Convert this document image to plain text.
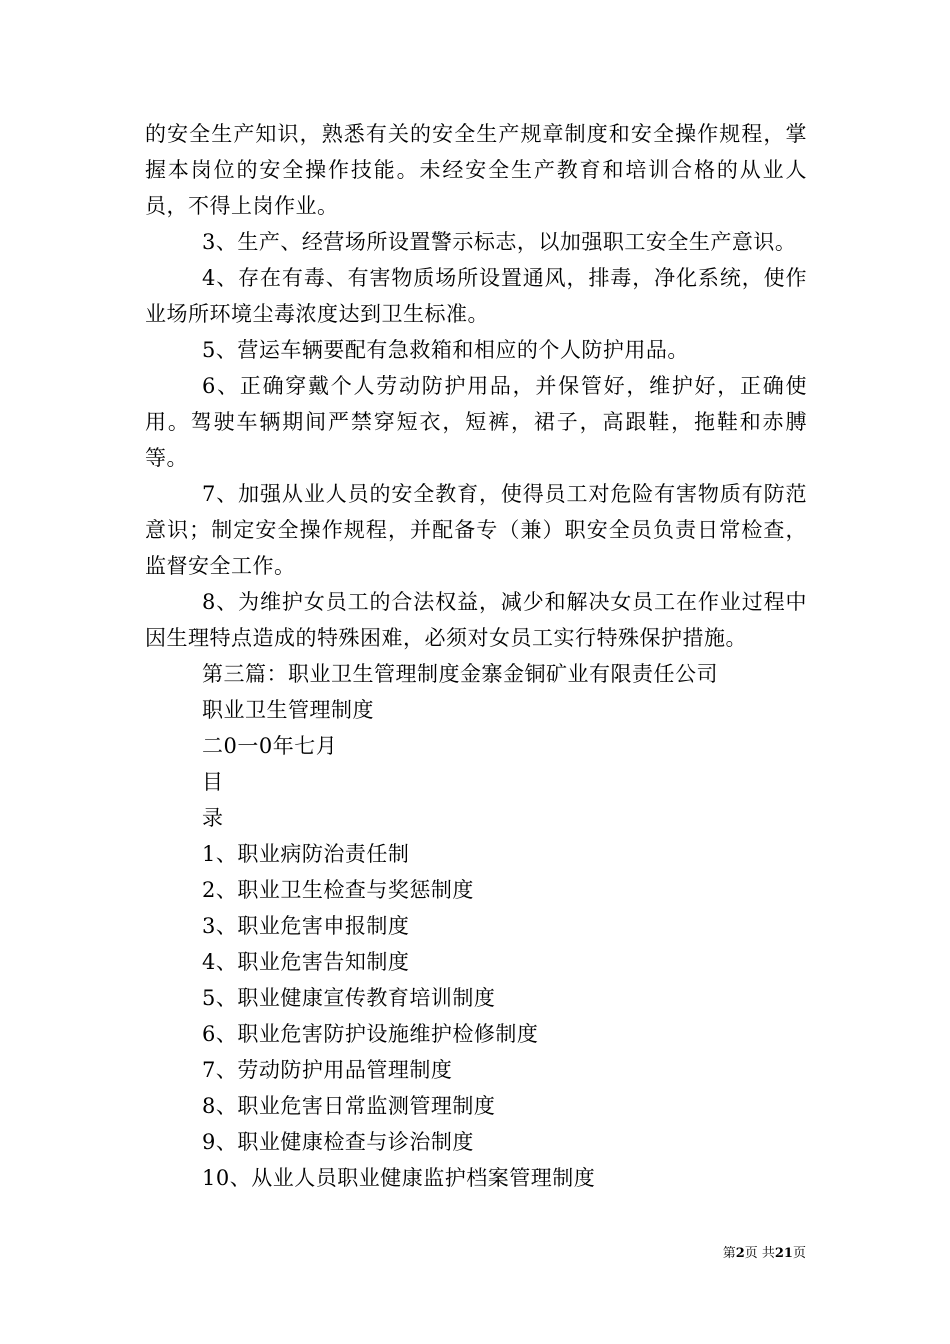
的安全生产知识，熟悉有关的安全生产规章制度和安全操作规程，掌握本岗位的安全操作技能。未经安全生产教育和培训合格的从业人员，不得上岗作业。

3、生产、经营场所设置警示标志，以加强职工安全生产意识。

4、存在有毒、有害物质场所设置通风，排毒，净化系统，使作业场所环境尘毒浓度达到卫生标准。

5、营运车辆要配有急救箱和相应的个人防护用品。

6、正确穿戴个人劳动防护用品，并保管好，维护好，正确使用。驾驶车辆期间严禁穿短衣，短裤，裙子，高跟鞋，拖鞋和赤膊等。

7、加强从业人员的安全教育，使得员工对危险有害物质有防范意识；制定安全操作规程，并配备专（兼）职安全员负责日常检查，监督安全工作。

8、为维护女员工的合法权益，减少和解决女员工在作业过程中因生理特点造成的特殊困难，必须对女员工实行特殊保护措施。

第三篇：职业卫生管理制度金寨金铜矿业有限责任公司

职业卫生管理制度

二0一0年七月

目

录

1、职业病防治责任制

2、职业卫生检查与奖惩制度

3、职业危害申报制度

4、职业危害告知制度

5、职业健康宣传教育培训制度

6、职业危害防护设施维护检修制度

7、劳动防护用品管理制度

8、职业危害日常监测管理制度

9、职业健康检查与诊治制度

10、从业人员职业健康监护档案管理制度

第2页 共21页
